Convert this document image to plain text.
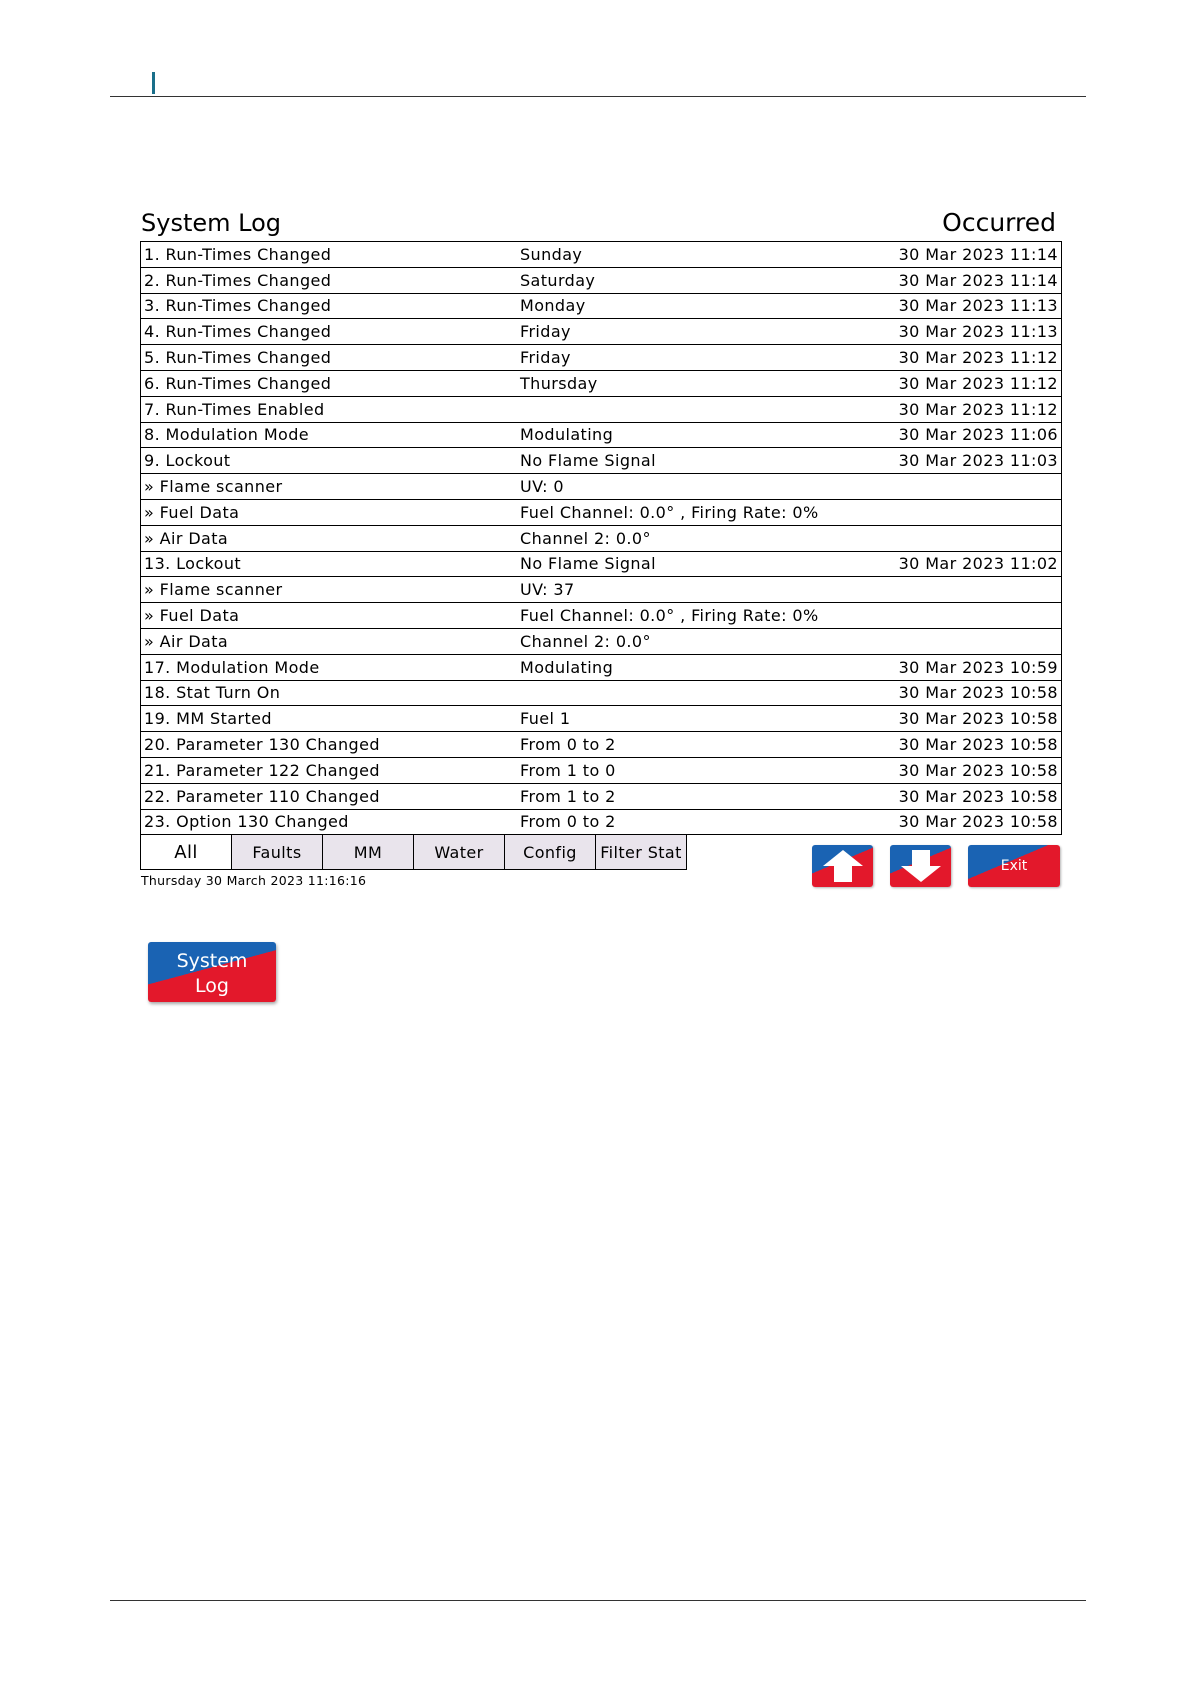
System Log	Occurred
1. Run-Times Changed	Sunday	30 Mar 2023 11:14
2. Run-Times Changed	Saturday	30 Mar 2023 11:14
3. Run-Times Changed	Monday	30 Mar 2023 11:13
4. Run-Times Changed	Friday	30 Mar 2023 11:13
5. Run-Times Changed	Friday	30 Mar 2023 11:12
6. Run-Times Changed	Thursday	30 Mar 2023 11:12
7. Run-Times Enabled		30 Mar 2023 11:12
8. Modulation Mode	Modulating	30 Mar 2023 11:06
9. Lockout	No Flame Signal	30 Mar 2023 11:03
» Flame scanner	UV: 0	
» Fuel Data	Fuel Channel: 0.0° , Firing Rate: 0%	
» Air Data	Channel 2: 0.0°	
13. Lockout	No Flame Signal	30 Mar 2023 11:02
» Flame scanner	UV: 37	
» Fuel Data	Fuel Channel: 0.0° , Firing Rate: 0%	
» Air Data	Channel 2: 0.0°	
17. Modulation Mode	Modulating	30 Mar 2023 10:59
18. Stat Turn On		30 Mar 2023 10:58
19. MM Started	Fuel 1	30 Mar 2023 10:58
20. Parameter 130 Changed	From 0 to 2	30 Mar 2023 10:58
21. Parameter 122 Changed	From 1 to 0	30 Mar 2023 10:58
22. Parameter 110 Changed	From 1 to 2	30 Mar 2023 10:58
23. Option 130 Changed	From 0 to 2	30 Mar 2023 10:58
All	Faults	MM	Water	Config	Filter Stat
Thursday 30 March 2023 11:16:16
Exit
System
Log
